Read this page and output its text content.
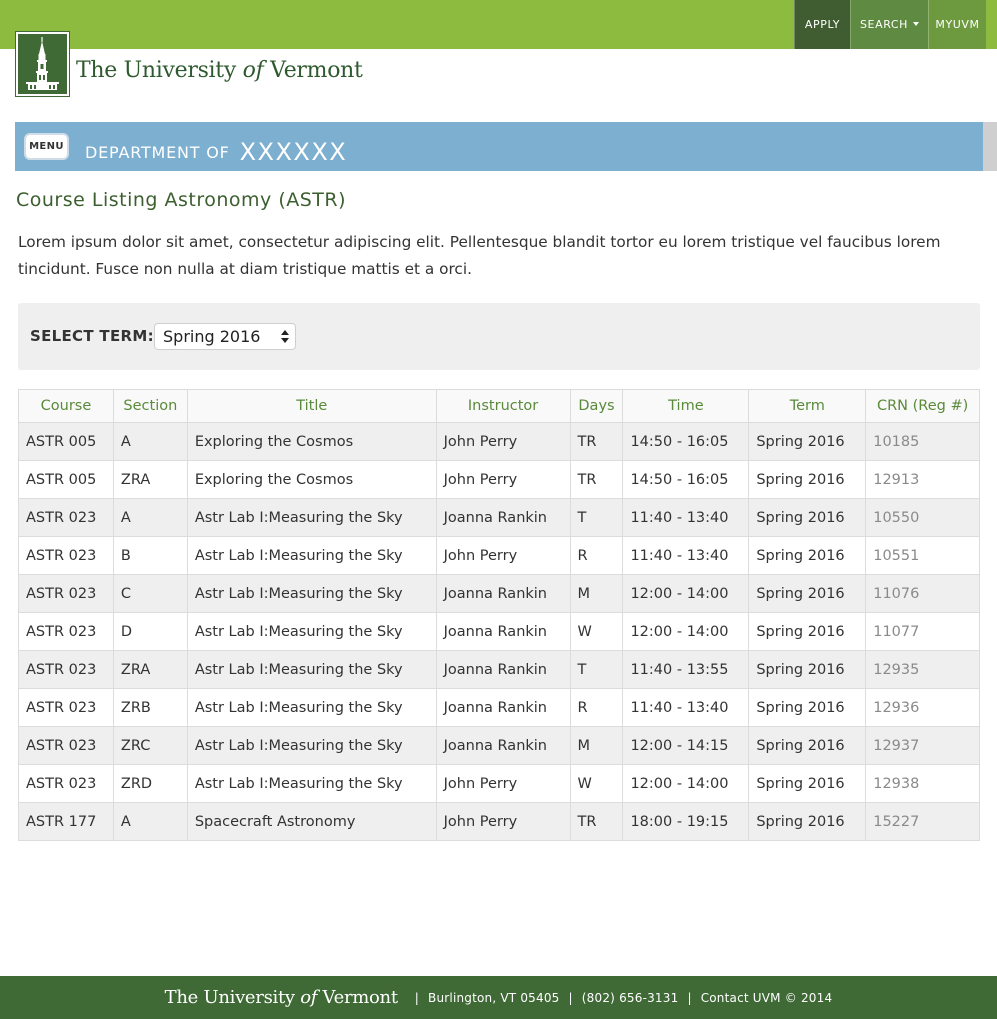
APPLY SEARCH MYUVM
The University of Vermont
MENU	DEPARTMENT OF XXXXXX
Course Listing Astronomy (ASTR)

Lorem ipsum dolor sit amet, consectetur adipiscing elit. Pellentesque blandit tortor eu lorem tristique vel faucibus lorem tincidunt. Fusce non nulla at diam tristique mattis et a orci.

SELECT TERM: Spring 2016
Course	Section	Title	Instructor	Days	Time	Term	CRN (Reg #)
ASTR 005	A	Exploring the Cosmos	John Perry	TR	14:50 - 16:05	Spring 2016	10185
ASTR 005	ZRA	Exploring the Cosmos	John Perry	TR	14:50 - 16:05	Spring 2016	12913
ASTR 023	A	Astr Lab I:Measuring the Sky	Joanna Rankin	T	11:40 - 13:40	Spring 2016	10550
ASTR 023	B	Astr Lab I:Measuring the Sky	John Perry	R	11:40 - 13:40	Spring 2016	10551
ASTR 023	C	Astr Lab I:Measuring the Sky	Joanna Rankin	M	12:00 - 14:00	Spring 2016	11076
ASTR 023	D	Astr Lab I:Measuring the Sky	Joanna Rankin	W	12:00 - 14:00	Spring 2016	11077
ASTR 023	ZRA	Astr Lab I:Measuring the Sky	Joanna Rankin	T	11:40 - 13:55	Spring 2016	12935
ASTR 023	ZRB	Astr Lab I:Measuring the Sky	Joanna Rankin	R	11:40 - 13:40	Spring 2016	12936
ASTR 023	ZRC	Astr Lab I:Measuring the Sky	Joanna Rankin	M	12:00 - 14:15	Spring 2016	12937
ASTR 023	ZRD	Astr Lab I:Measuring the Sky	John Perry	W	12:00 - 14:00	Spring 2016	12938
ASTR 177	A	Spacecraft Astronomy	John Perry	TR	18:00 - 19:15	Spring 2016	15227
The University of Vermont	| Burlington, VT 05405 | (802) 656-3131 | Contact UVM © 2014
